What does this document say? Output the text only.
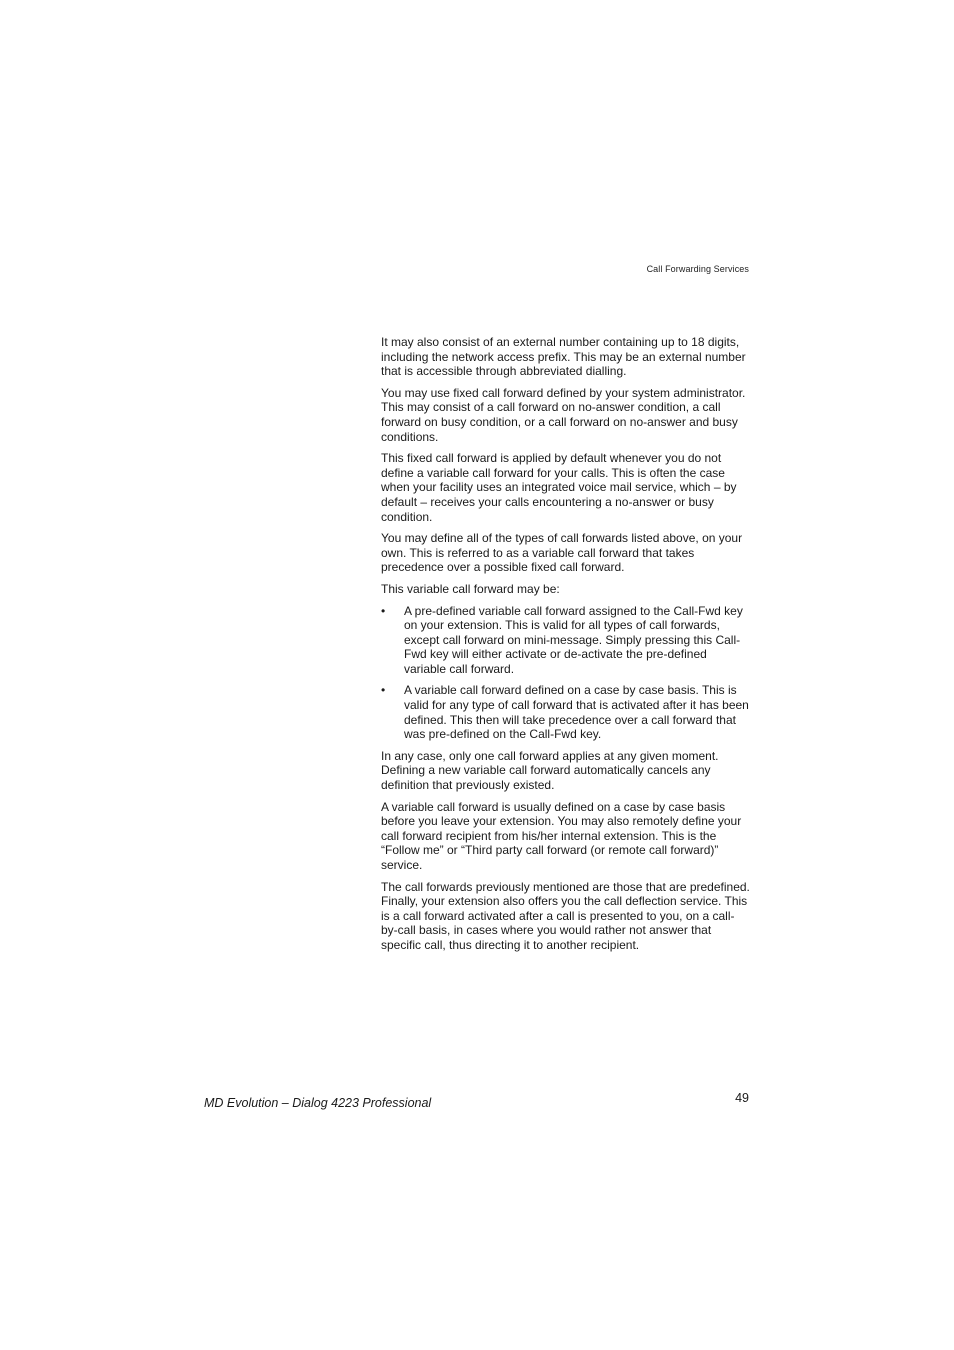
Call Forwarding Services

It may also consist of an external number containing up to 18 digits, including the network access prefix. This may be an external number that is accessible through abbreviated dialling.

You may use fixed call forward defined by your system administrator. This may consist of a call forward on no-answer condition, a call forward on busy condition, or a call forward on no-answer and busy conditions.

This fixed call forward is applied by default whenever you do not define a variable call forward for your calls. This is often the case when your facility uses an integrated voice mail service, which – by default – receives your calls encountering a no-answer or busy condition.

You may define all of the types of call forwards listed above, on your own. This is referred to as a variable call forward that takes precedence over a possible fixed call forward.

This variable call forward may be:

• A pre-defined variable call forward assigned to the Call-Fwd key on your extension. This is valid for all types of call forwards, except call forward on mini-message. Simply pressing this Call-Fwd key will either activate or de-activate the pre-defined variable call forward.
• A variable call forward defined on a case by case basis. This is valid for any type of call forward that is activated after it has been defined. This then will take precedence over a call forward that was pre-defined on the Call-Fwd key.

In any case, only one call forward applies at any given moment. Defining a new variable call forward automatically cancels any definition that previously existed.

A variable call forward is usually defined on a case by case basis before you leave your extension. You may also remotely define your call forward recipient from his/her internal extension. This is the “Follow me” or “Third party call forward (or remote call forward)” service.

The call forwards previously mentioned are those that are predefined. Finally, your extension also offers you the call deflection service. This is a call forward activated after a call is presented to you, on a call-by-call basis, in cases where you would rather not answer that specific call, thus directing it to another recipient.

MD Evolution – Dialog 4223 Professional	49
